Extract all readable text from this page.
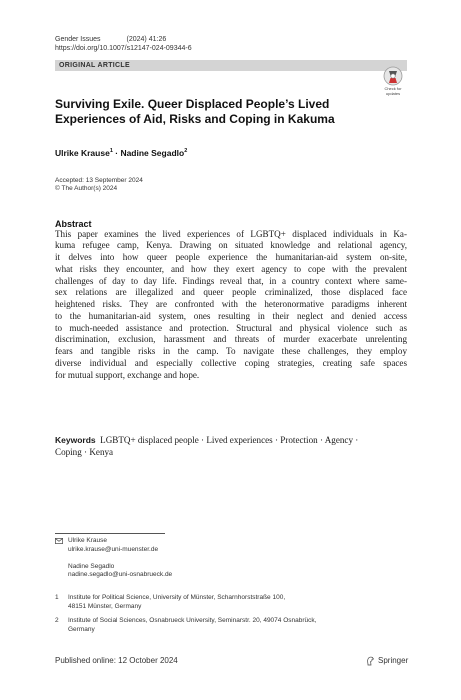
Gender Issues	(2024) 41:26
https://doi.org/10.1007/s12147-024-09344-6
ORIGINAL ARTICLE
Check for
updates
Surviving Exile. Queer Displaced People’s Lived Experiences of Aid, Risks and Coping in Kakuma
Ulrike Krause$^1$ · Nadine Segadlo$^2$
Accepted: 13 September 2024
© The Author(s) 2024
Abstract
This paper examines the lived experiences of LGBTQ+ displaced individuals in Ka-
kuma refugee camp, Kenya. Drawing on situated knowledge and relational agency,
it delves into how queer people experience the humanitarian-aid system on-site,
what risks they encounter, and how they exert agency to cope with the prevalent
challenges of day to day life. Findings reveal that, in a country context where same-
sex relations are illegalized and queer people criminalized, those displaced face
heightened risks. They are confronted with the heteronormative paradigms inherent
to the humanitarian-aid system, ones resulting in their neglect and denied access
to much-needed assistance and protection. Structural and physical violence such as
discrimination, exclusion, harassment and threats of murder exacerbate unrelenting
fears and tangible risks in the camp. To navigate these challenges, they employ
diverse individual and especially collective coping strategies, creating safe spaces
for mutual support, exchange and hope.
Keywords LGBTQ+ displaced people · Lived experiences · Protection · Agency ·
Coping · Kenya
Ulrike Krause
ulrike.krause@uni-muenster.de
Nadine Segadlo
nadine.segadlo@uni-osnabrueck.de
1 Institute for Political Science, University of Münster, Scharnhorststraße 100,
48151 Münster, Germany
2 Institute of Social Sciences, Osnabrueck University, Seminarstr. 20, 49074 Osnabrück,
Germany
Published online: 12 October 2024	Springer
